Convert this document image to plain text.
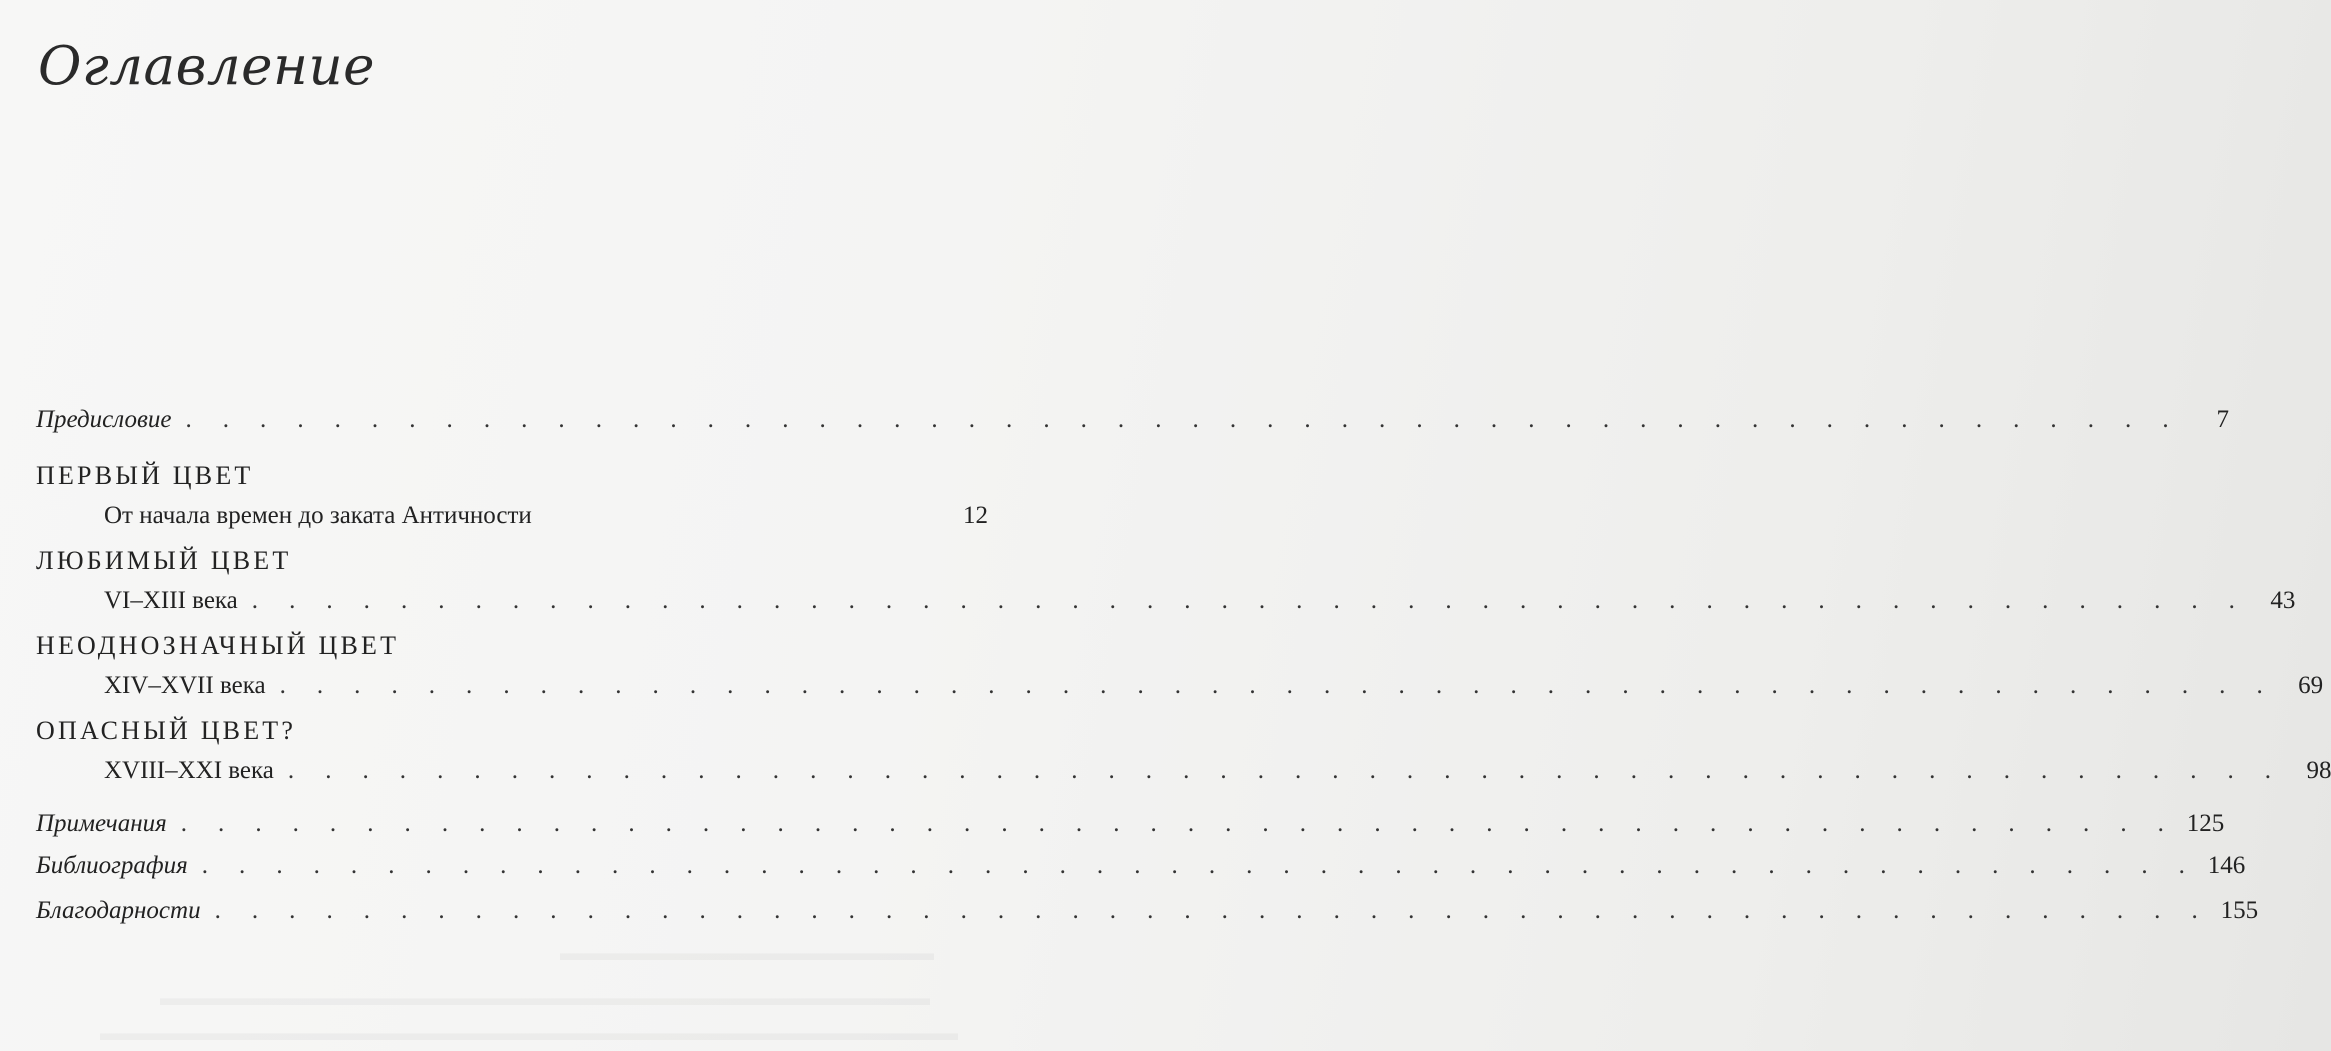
Оглавление
Предисловие . . . . . . . . . . . . . . . . . . . . . . . . . . . . . . . . . . . . . . . . . . . . . . . . . . . . . .	7
ПЕРВЫЙ ЦВЕТ
От начала времен до заката Античности	12
ЛЮБИМЫЙ ЦВЕТ
VI–XIII века . . . . . . . . . . . . . . . . . . . . . . . . . . . . . . . . . . . . . . . . . . . . . . . . . . . . . . 43
НЕОДНОЗНАЧНЫЙ ЦВЕТ
XIV–XVII века . . . . . . . . . . . . . . . . . . . . . . . . . . . . . . . . . . . . . . . . . . . . . . . . . . . . . . 69
ОПАСНЫЙ ЦВЕТ?
XVIII–XXI века . . . . . . . . . . . . . . . . . . . . . . . . . . . . . . . . . . . . . . . . . . . . . . . . . . . . . . 98
Примечания . . . . . . . . . . . . . . . . . . . . . . . . . . . . . . . . . . . . . . . . . . . . . . . . . . . . . . 125
Библиография . . . . . . . . . . . . . . . . . . . . . . . . . . . . . . . . . . . . . . . . . . . . . . . . . . . . . . 146
Благодарности . . . . . . . . . . . . . . . . . . . . . . . . . . . . . . . . . . . . . . . . . . . . . . . . . . . . . . 155
